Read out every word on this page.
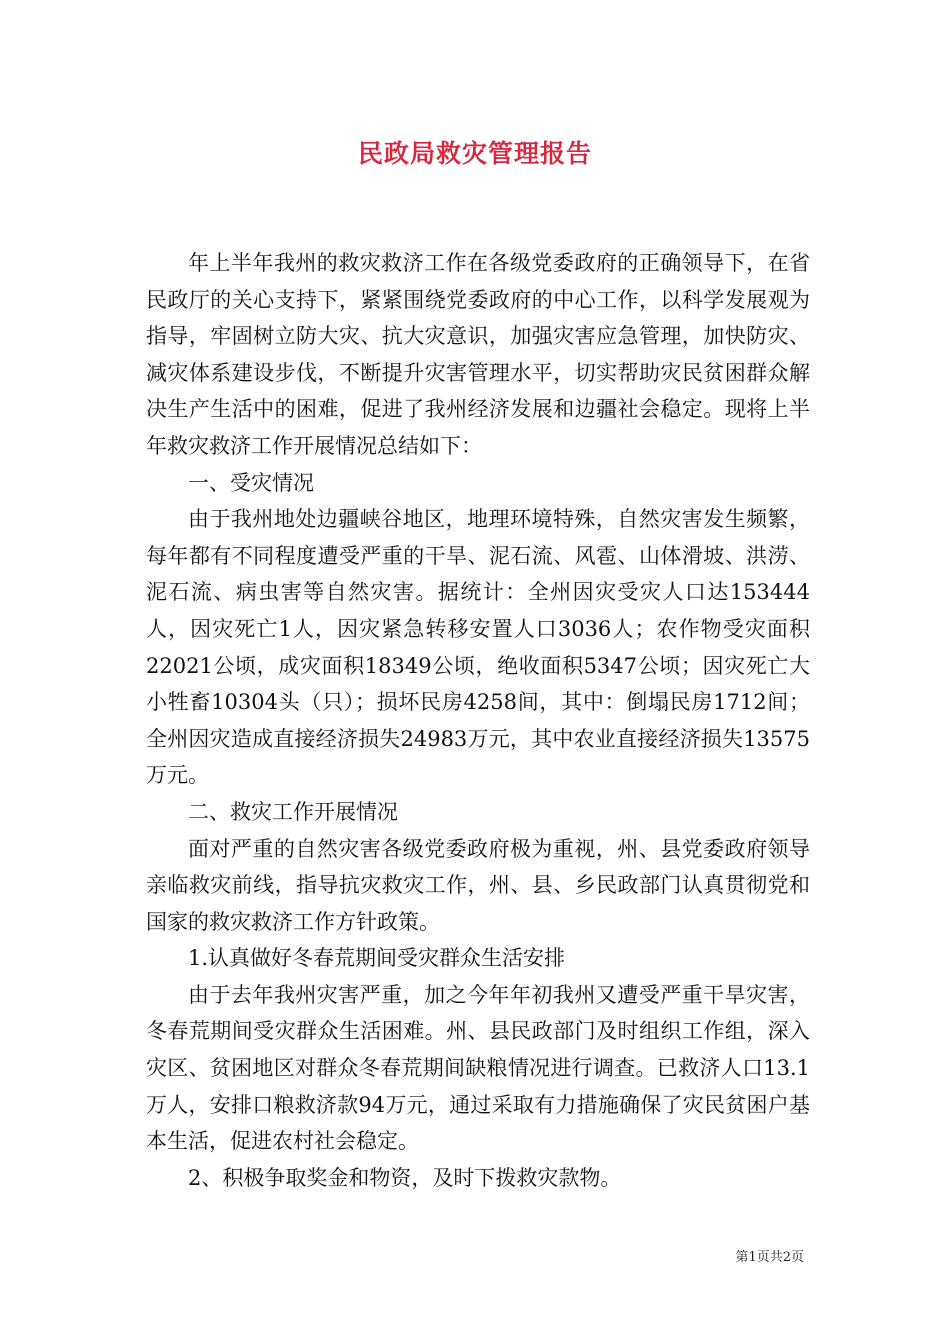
民政局救灾管理报告

年上半年我州的救灾救济工作在各级党委政府的正确领导下，在省民政厅的关心支持下，紧紧围绕党委政府的中心工作，以科学发展观为指导，牢固树立防大灾、抗大灾意识，加强灾害应急管理，加快防灾、减灾体系建设步伐，不断提升灾害管理水平，切实帮助灾民贫困群众解决生产生活中的困难，促进了我州经济发展和边疆社会稳定。现将上半年救灾救济工作开展情况总结如下：

一、受灾情况

由于我州地处边疆峡谷地区，地理环境特殊，自然灾害发生频繁，每年都有不同程度遭受严重的干旱、泥石流、风雹、山体滑坡、洪涝、泥石流、病虫害等自然灾害。据统计：全州因灾受灾人口达153444人，因灾死亡1人，因灾紧急转移安置人口3036人；农作物受灾面积22021公顷，成灾面积18349公顷，绝收面积5347公顷；因灾死亡大小牲畜10304头（只）；损坏民房4258间，其中：倒塌民房1712间；全州因灾造成直接经济损失24983万元，其中农业直接经济损失13575万元。

二、救灾工作开展情况

面对严重的自然灾害各级党委政府极为重视，州、县党委政府领导亲临救灾前线，指导抗灾救灾工作，州、县、乡民政部门认真贯彻党和国家的救灾救济工作方针政策。

1.认真做好冬春荒期间受灾群众生活安排

由于去年我州灾害严重，加之今年年初我州又遭受严重干旱灾害，冬春荒期间受灾群众生活困难。州、县民政部门及时组织工作组，深入灾区、贫困地区对群众冬春荒期间缺粮情况进行调查。已救济人口13.1万人，安排口粮救济款94万元，通过采取有力措施确保了灾民贫困户基本生活，促进农村社会稳定。

2、积极争取奖金和物资，及时下拨救灾款物。

第1页共2页
